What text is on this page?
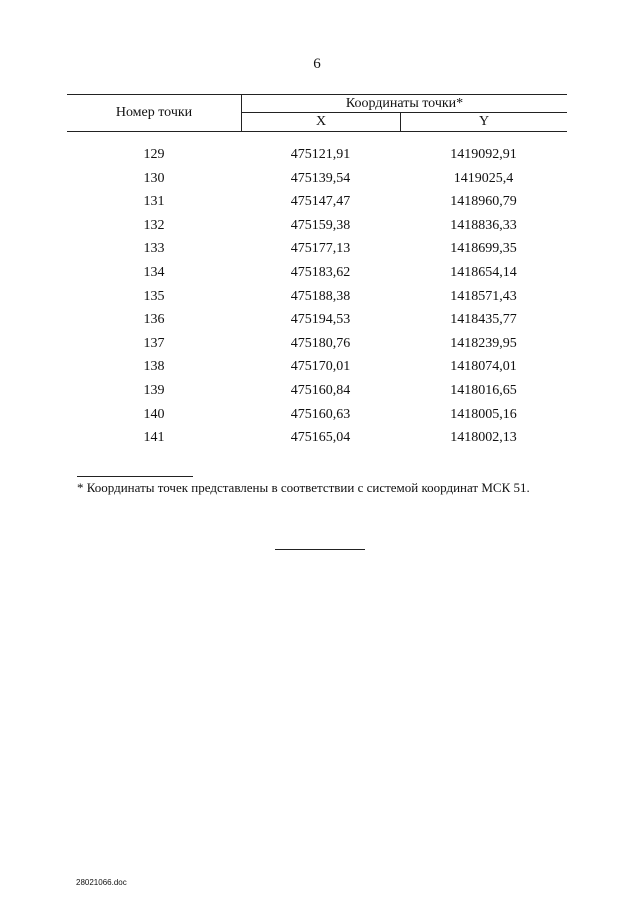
6
Номер точки
Координаты точки*
X	Y
129	475121,91	1419092,91
130	475139,54	1419025,4
131	475147,47	1418960,79
132	475159,38	1418836,33
133	475177,13	1418699,35
134	475183,62	1418654,14
135	475188,38	1418571,43
136	475194,53	1418435,77
137	475180,76	1418239,95
138	475170,01	1418074,01
139	475160,84	1418016,65
140	475160,63	1418005,16
141	475165,04	1418002,13
* Координаты точек представлены в соответствии с системой координат МСК 51.
28021066.doc
